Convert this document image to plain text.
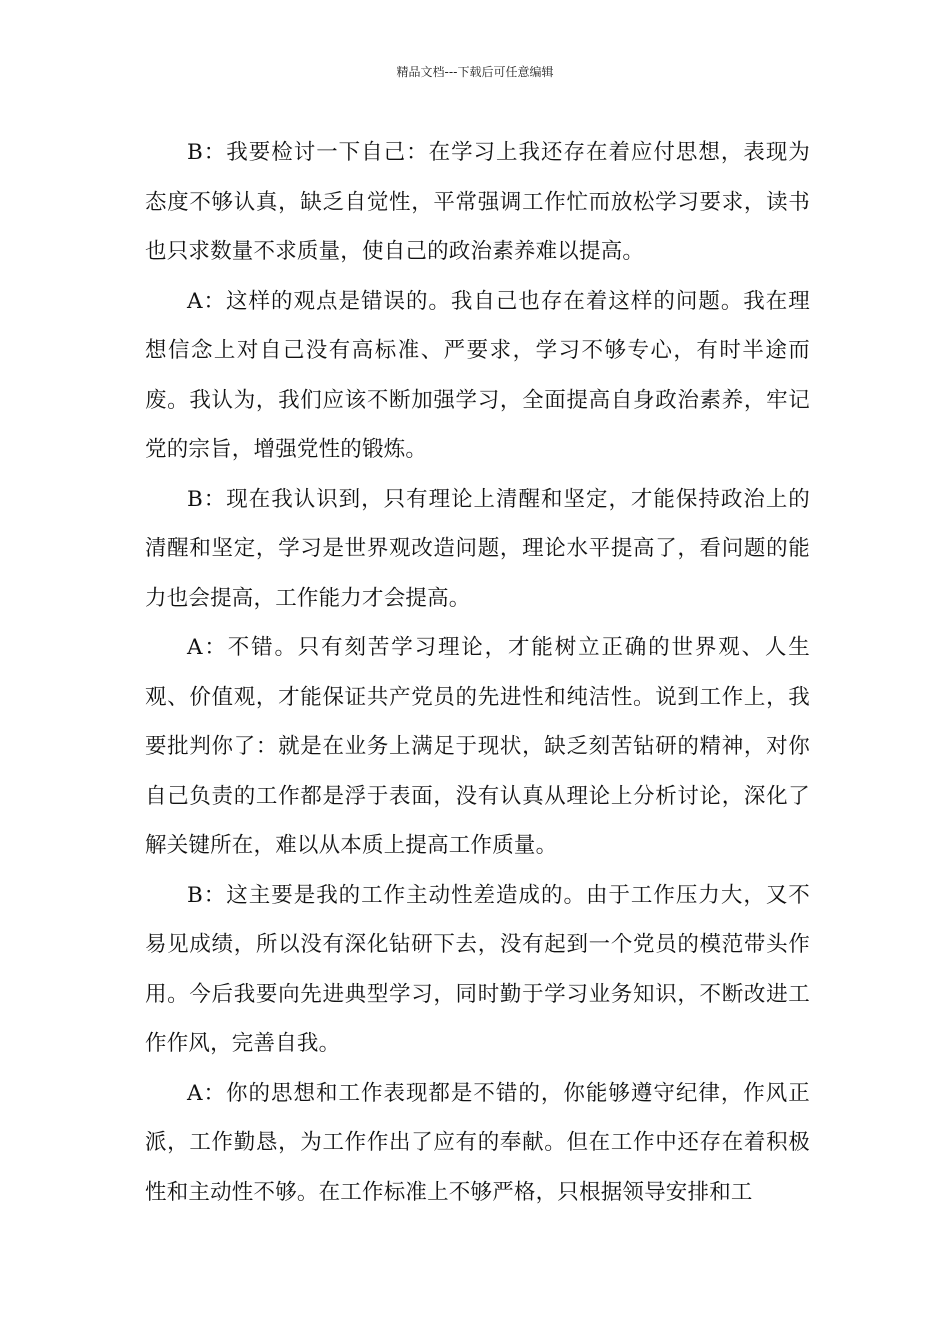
精品文档---下载后可任意编辑

B：我要检讨一下自己：在学习上我还存在着应付思想，表现为态度不够认真，缺乏自觉性，平常强调工作忙而放松学习要求，读书也只求数量不求质量，使自己的政治素养难以提高。

A：这样的观点是错误的。我自己也存在着这样的问题。我在理想信念上对自己没有高标准、严要求，学习不够专心，有时半途而废。我认为，我们应该不断加强学习，全面提高自身政治素养，牢记党的宗旨，增强党性的锻炼。

B：现在我认识到，只有理论上清醒和坚定，才能保持政治上的清醒和坚定，学习是世界观改造问题，理论水平提高了，看问题的能力也会提高，工作能力才会提高。

A：不错。只有刻苦学习理论，才能树立正确的世界观、人生观、价值观，才能保证共产党员的先进性和纯洁性。说到工作上，我要批判你了：就是在业务上满足于现状，缺乏刻苦钻研的精神，对你自己负责的工作都是浮于表面，没有认真从理论上分析讨论，深化了解关键所在，难以从本质上提高工作质量。

B：这主要是我的工作主动性差造成的。由于工作压力大，又不易见成绩，所以没有深化钻研下去，没有起到一个党员的模范带头作用。今后我要向先进典型学习，同时勤于学习业务知识，不断改进工作作风，完善自我。

A：你的思想和工作表现都是不错的，你能够遵守纪律，作风正派，工作勤恳，为工作作出了应有的奉献。但在工作中还存在着积极性和主动性不够。在工作标准上不够严格，只根据领导安排和工
